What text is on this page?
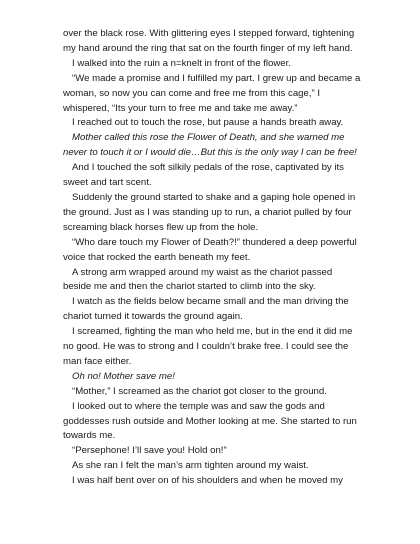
over the black rose. With glittering eyes I stepped forward, tightening my hand around the ring that sat on the fourth finger of my left hand.

I walked into the ruin a n=knelt in front of the flower.

“We made a promise and I fulfilled my part. I grew up and became a woman, so now you can come and free me from this cage,” I whispered, “Its your turn to free me and take me away.”

I reached out to touch the rose, but pause a hands breath away.

Mother called this rose the Flower of Death, and she warned me never to touch it or I would die…But this is the only way I can be free!

And I touched the soft silkily pedals of the rose, captivated by its sweet and tart scent.

Suddenly the ground started to shake and a gaping hole opened in the ground. Just as I was standing up to run, a chariot pulled by four screaming black horses flew up from the hole.

“Who dare touch my Flower of Death?!” thundered a deep powerful voice that rocked the earth beneath my feet.

A strong arm wrapped around my waist as the chariot passed beside me and then the chariot started to climb into the sky.

I watch as the fields below became small and the man driving the chariot turned it towards the ground again.

I screamed, fighting the man who held me, but in the end it did me no good. He was to strong and I couldn’t brake free. I could see the man face either.

Oh no! Mother save me!

“Mother,” I screamed as the chariot got closer to the ground.

I looked out to where the temple was and saw the gods and goddesses rush outside and Mother looking at me. She started to run towards me.

“Persephone! I’ll save you! Hold on!”

As she ran I felt the man’s arm tighten around my waist.

I was half bent over on of his shoulders and when he moved my
